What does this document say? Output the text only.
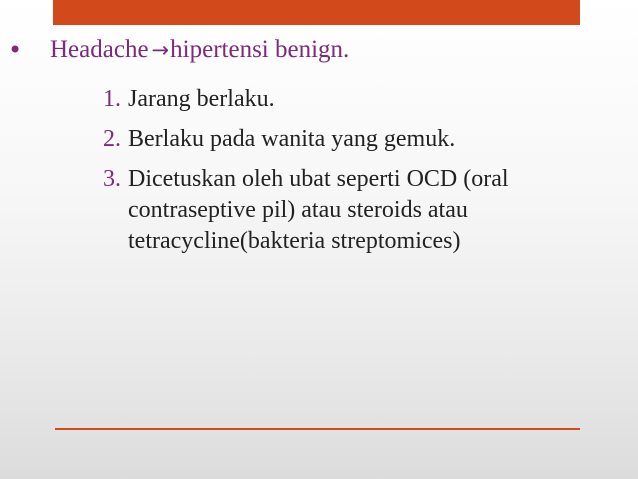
•	Headache →hipertensi benign.
1. Jarang berlaku.
2. Berlaku pada wanita yang gemuk.
3. Dicetuskan oleh ubat seperti OCD (oral contraseptive pil) atau steroids atau tetracycline(bakteria streptomices)
